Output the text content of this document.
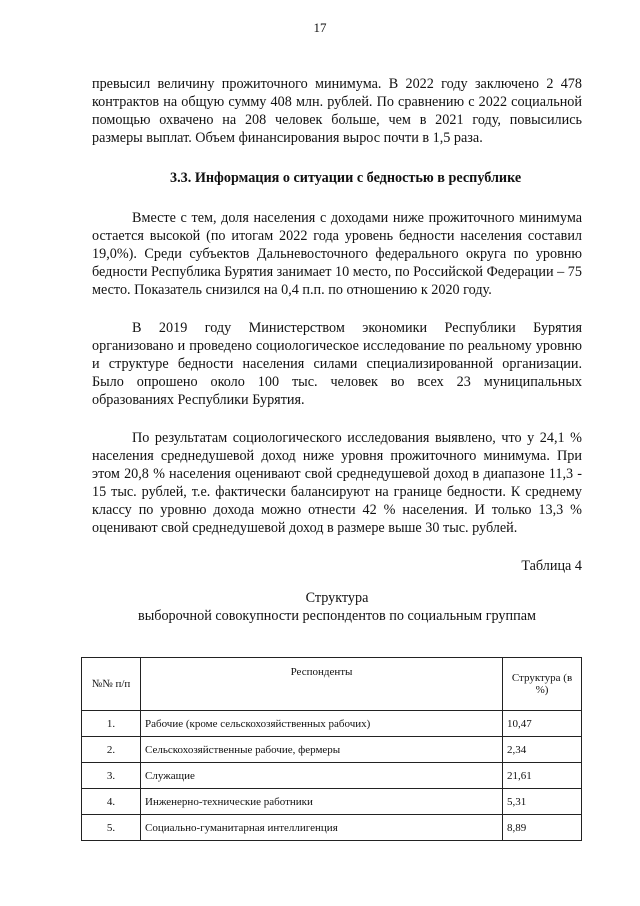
17

превысил величину прожиточного минимума. В 2022 году заключено 2 478 контрактов на общую сумму 408 млн. рублей. По сравнению с 2022 социальной помощью охвачено на 208 человек больше, чем в 2021 году, повысились размеры выплат. Объем финансирования вырос почти в 1,5 раза.

3.3. Информация о ситуации с бедностью в республике

Вместе с тем, доля населения с доходами ниже прожиточного минимума остается высокой (по итогам 2022 года уровень бедности населения составил 19,0%). Среди субъектов Дальневосточного федерального округа по уровню бедности Республика Бурятия занимает 10 место, по Российской Федерации – 75 место. Показатель снизился на 0,4 п.п. по отношению к 2020 году.

В 2019 году Министерством экономики Республики Бурятия организовано и проведено социологическое исследование по реальному уровню и структуре бедности населения силами специализированной организации. Было опрошено около 100 тыс. человек во всех 23 муниципальных образованиях Республики Бурятия.

По результатам социологического исследования выявлено, что у 24,1 % населения среднедушевой доход ниже уровня прожиточного минимума. При этом 20,8 % населения оценивают свой среднедушевой доход в диапазоне 11,3 - 15 тыс. рублей, т.е. фактически балансируют на границе бедности. К среднему классу по уровню дохода можно отнести 42 % населения. И только 13,3 % оценивают свой среднедушевой доход в размере выше 30 тыс. рублей.

Таблица 4
Структура
выборочной совокупности респондентов по социальным группам
№№ п/п	Респонденты	Структура (в %)
1.	Рабочие (кроме сельскохозяйственных рабочих)	10,47
2.	Сельскохозяйственные рабочие, фермеры	2,34
3.	Служащие	21,61
4.	Инженерно-технические работники	5,31
5.	Социально-гуманитарная интеллигенция	8,89
